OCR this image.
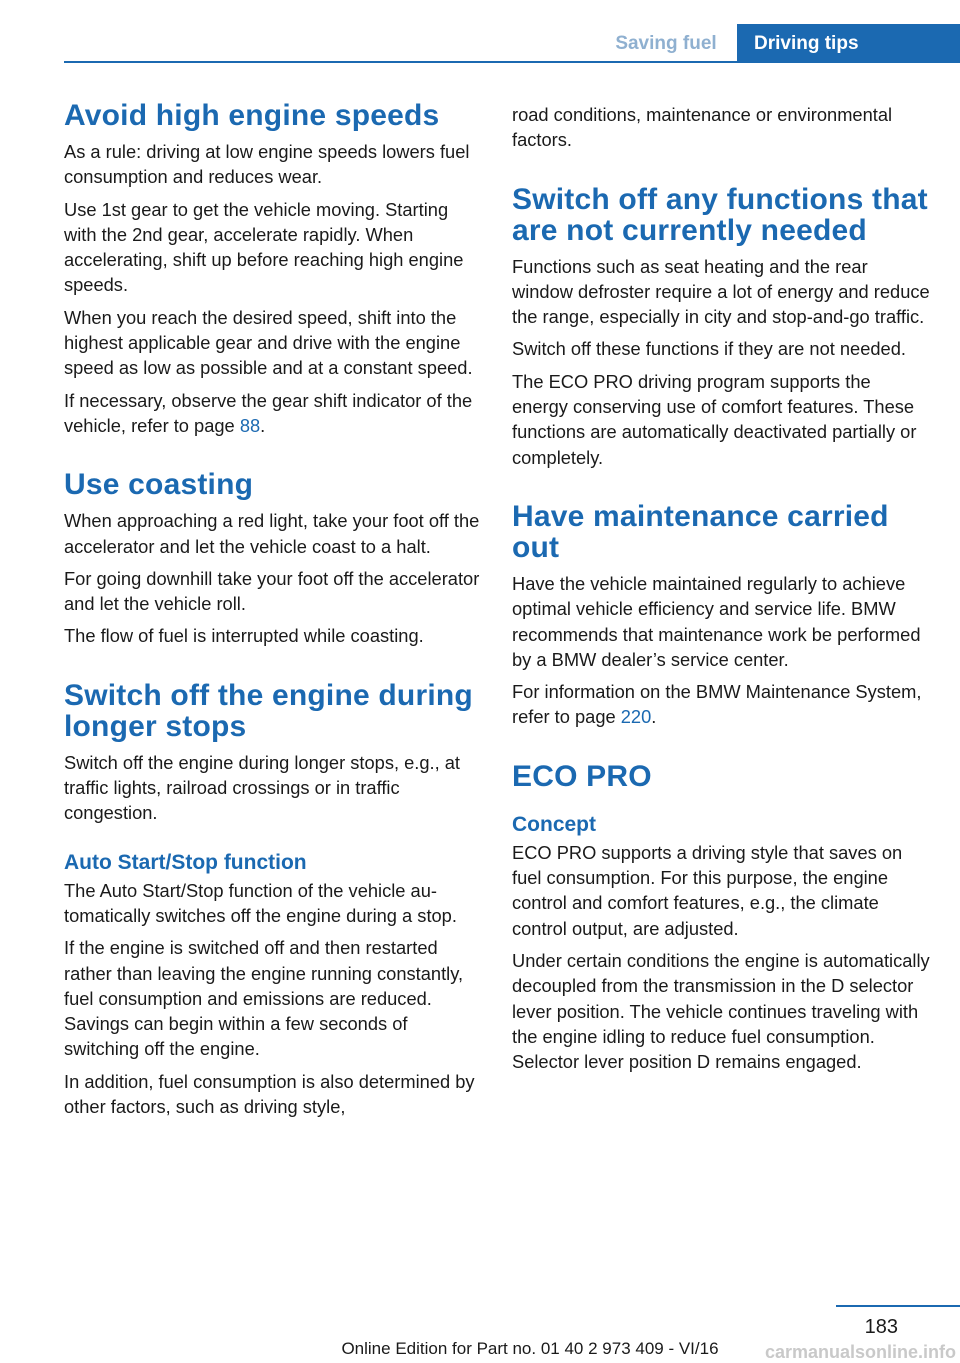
Saving fuel	Driving tips
Avoid high engine speeds

As a rule: driving at low engine speeds lowers fuel consumption and reduces wear.

Use 1st gear to get the vehicle moving. Starting with the 2nd gear, accelerate rapidly. When accelerating, shift up before reaching high engine speeds.

When you reach the desired speed, shift into the highest applicable gear and drive with the engine speed as low as possible and at a constant speed.

If necessary, observe the gear shift indicator of the vehicle, refer to page 88.

Use coasting

When approaching a red light, take your foot off the accelerator and let the vehicle coast to a halt.

For going downhill take your foot off the accelerator and let the vehicle roll.

The flow of fuel is interrupted while coasting.

Switch off the engine during longer stops

Switch off the engine during longer stops, e.g., at traffic lights, railroad crossings or in traffic congestion.

Auto Start/Stop function

The Auto Start/Stop function of the vehicle automatically switches off the engine during a stop.

If the engine is switched off and then restarted rather than leaving the engine running constantly, fuel consumption and emissions are reduced. Savings can begin within a few seconds of switching off the engine.

In addition, fuel consumption is also determined by other factors, such as driving style,

road conditions, maintenance or environmental factors.

Switch off any functions that are not currently needed

Functions such as seat heating and the rear window defroster require a lot of energy and reduce the range, especially in city and stop-and-go traffic.

Switch off these functions if they are not needed.

The ECO PRO driving program supports the energy conserving use of comfort features. These functions are automatically deactivated partially or completely.

Have maintenance carried out

Have the vehicle maintained regularly to achieve optimal vehicle efficiency and service life. BMW recommends that maintenance work be performed by a BMW dealer’s service center.

For information on the BMW Maintenance System, refer to page 220.

ECO PRO
Concept

ECO PRO supports a driving style that saves on fuel consumption. For this purpose, the engine control and comfort features, e.g., the climate control output, are adjusted.

Under certain conditions the engine is automatically decoupled from the transmission in the D selector lever position. The vehicle continues traveling with the engine idling to reduce fuel consumption. Selector lever position D remains engaged.

183
Online Edition for Part no. 01 40 2 973 409 - VI/16	carmanualsonline.info
